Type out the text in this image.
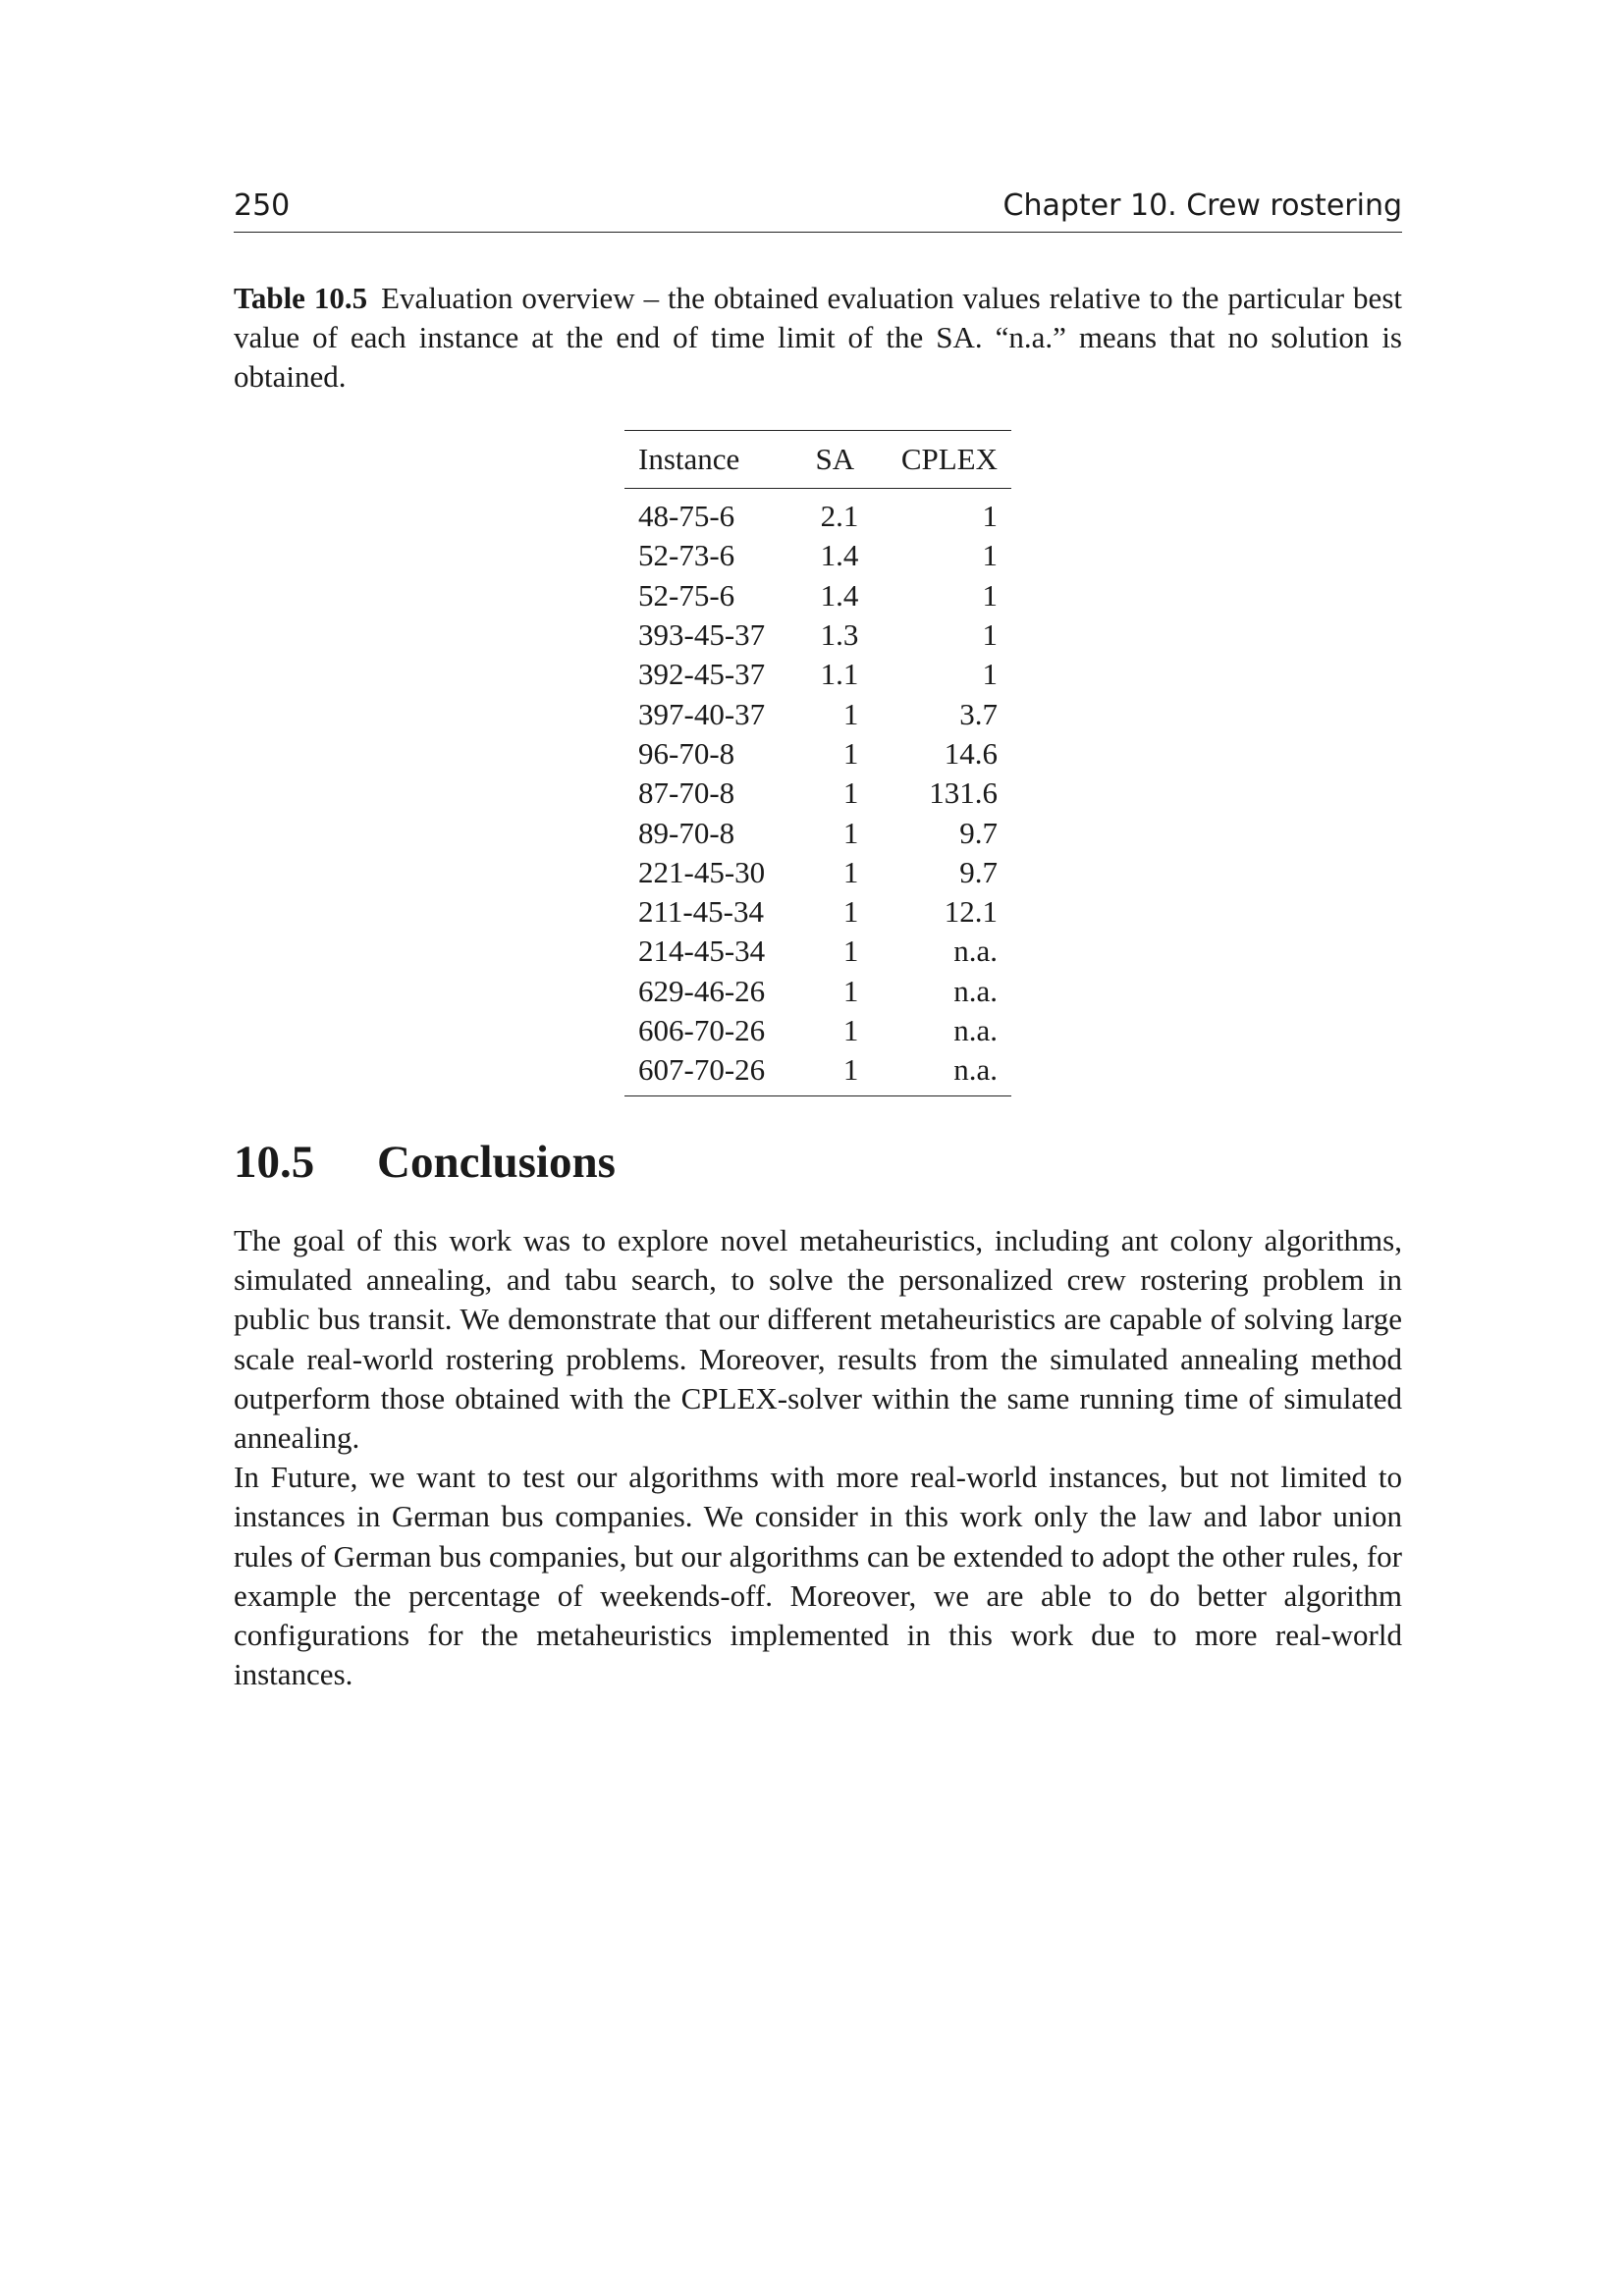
250	Chapter 10. Crew rostering
Table 10.5 Evaluation overview – the obtained evaluation values relative to the particular best value of each instance at the end of time limit of the SA. “n.a.” means that no solution is obtained.
Instance	SA	CPLEX
48-75-6	2.1	1
52-73-6	1.4	1
52-75-6	1.4	1
393-45-37	1.3	1
392-45-37	1.1	1
397-40-37	1	3.7
96-70-8	1	14.6
87-70-8	1	131.6
89-70-8	1	9.7
221-45-30	1	9.7
211-45-34	1	12.1
214-45-34	1	n.a.
629-46-26	1	n.a.
606-70-26	1	n.a.
607-70-26	1	n.a.
10.5 Conclusions

The goal of this work was to explore novel metaheuristics, including ant colony algorithms, simulated annealing, and tabu search, to solve the personalized crew rostering problem in public bus transit. We demonstrate that our different metaheuristics are capable of solving large scale real-world rostering problems. Moreover, results from the simulated annealing method outperform those obtained with the CPLEX-solver within the same running time of simulated annealing.

In Future, we want to test our algorithms with more real-world instances, but not limited to instances in German bus companies. We consider in this work only the law and labor union rules of German bus companies, but our algorithms can be extended to adopt the other rules, for example the percentage of weekends-off. Moreover, we are able to do better algorithm configurations for the metaheuristics implemented in this work due to more real-world instances.
